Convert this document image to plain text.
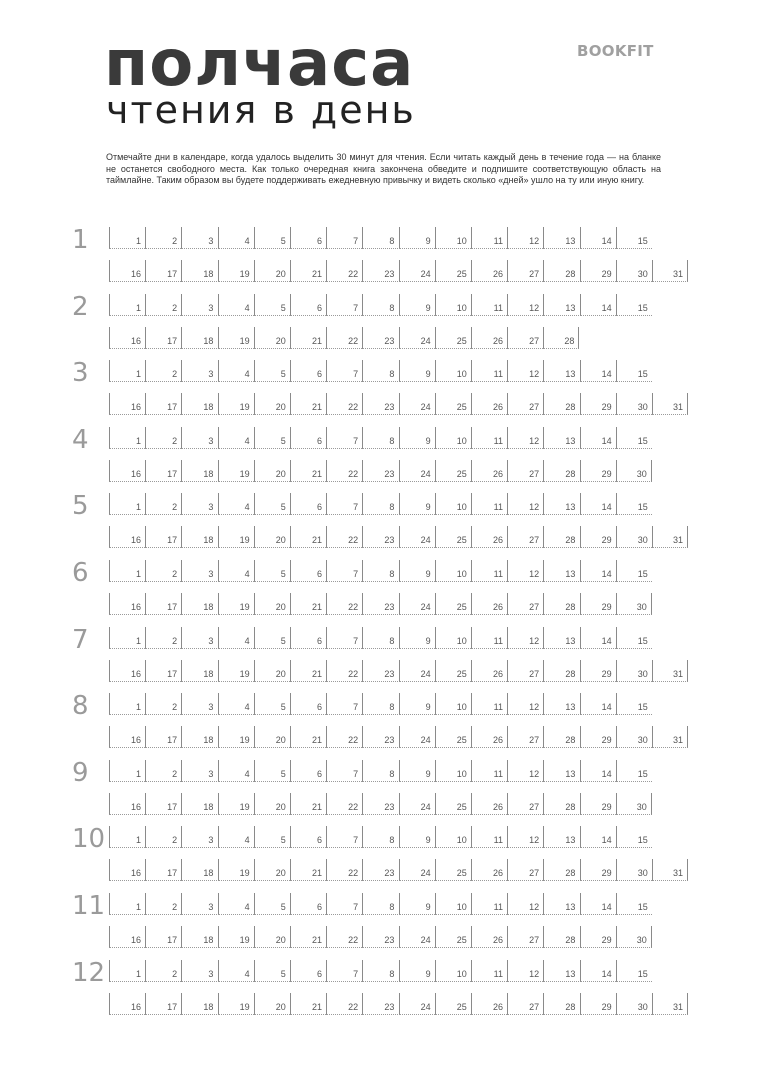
полчаса
чтения в день
BOOKFIT
Отмечайте дни в календаре, когда удалось выделить 30 минут для чтения. Если читать каждый день в течение года — на бланке не останется свободного места. Как только очередная книга закончена обведите и подпишите соответствующую область на таймлайне. Таким образом вы будете поддерживать ежедневную привычку и видеть сколько «дней» ушло на ту или иную книгу.
1	1	2	3	4	5	6	7	8	9	10	11	12	13	14	15
16	17	18	19	20	21	22	23	24	25	26	27	28	29	30	31
2	1	2	3	4	5	6	7	8	9	10	11	12	13	14	15
16	17	18	19	20	21	22	23	24	25	26	27	28
3	1	2	3	4	5	6	7	8	9	10	11	12	13	14	15
16	17	18	19	20	21	22	23	24	25	26	27	28	29	30	31
4	1	2	3	4	5	6	7	8	9	10	11	12	13	14	15
16	17	18	19	20	21	22	23	24	25	26	27	28	29	30
5	1	2	3	4	5	6	7	8	9	10	11	12	13	14	15
16	17	18	19	20	21	22	23	24	25	26	27	28	29	30	31
6	1	2	3	4	5	6	7	8	9	10	11	12	13	14	15
16	17	18	19	20	21	22	23	24	25	26	27	28	29	30
7	1	2	3	4	5	6	7	8	9	10	11	12	13	14	15
16	17	18	19	20	21	22	23	24	25	26	27	28	29	30	31
8	1	2	3	4	5	6	7	8	9	10	11	12	13	14	15
16	17	18	19	20	21	22	23	24	25	26	27	28	29	30	31
9	1	2	3	4	5	6	7	8	9	10	11	12	13	14	15
16	17	18	19	20	21	22	23	24	25	26	27	28	29	30
10	1	2	3	4	5	6	7	8	9	10	11	12	13	14	15
16	17	18	19	20	21	22	23	24	25	26	27	28	29	30	31
11	1	2	3	4	5	6	7	8	9	10	11	12	13	14	15
16	17	18	19	20	21	22	23	24	25	26	27	28	29	30
12	1	2	3	4	5	6	7	8	9	10	11	12	13	14	15
16	17	18	19	20	21	22	23	24	25	26	27	28	29	30	31
